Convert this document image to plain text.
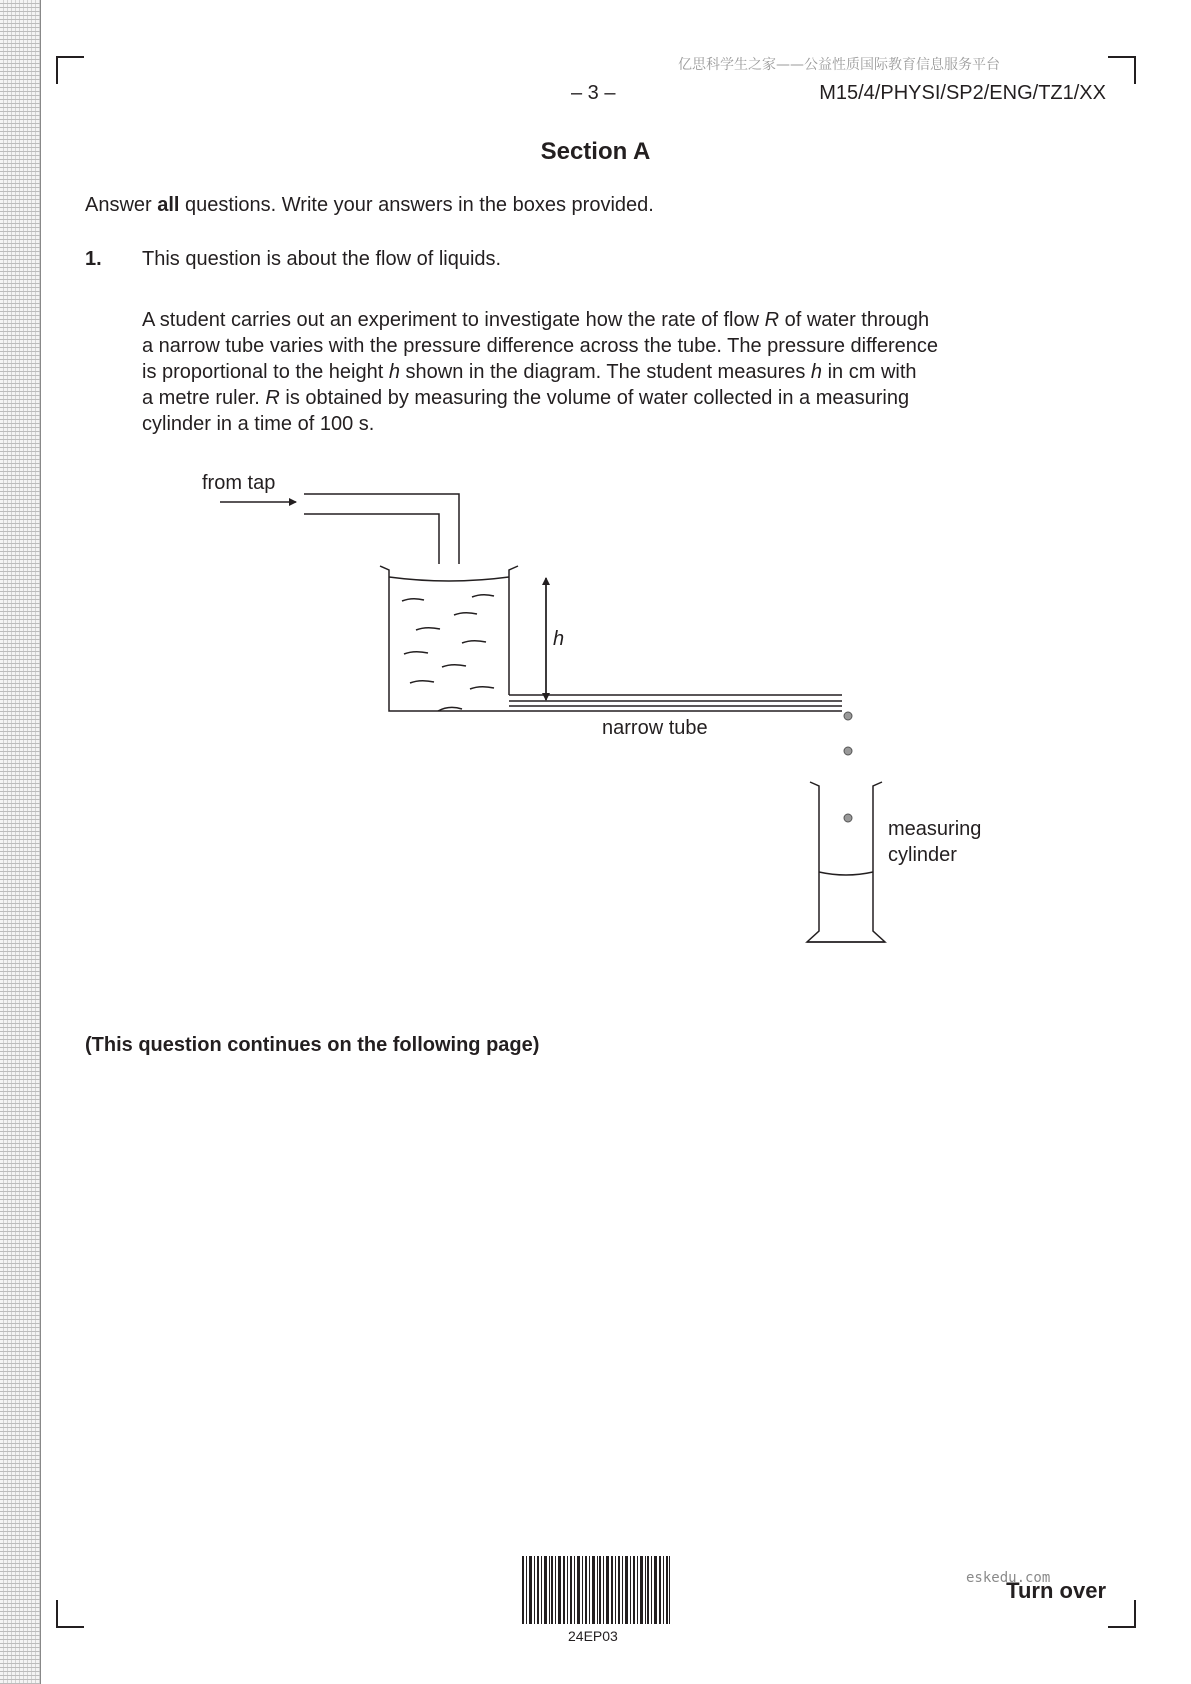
亿思科学生之家——公益性质国际教育信息服务平台
– 3 –	M15/4/PHYSI/SP2/ENG/TZ1/XX
Section A
Answer all questions. Write your answers in the boxes provided.
1. This question is about the flow of liquids.
A student carries out an experiment to investigate how the rate of flow R of water through
a narrow tube varies with the pressure difference across the tube. The pressure difference
is proportional to the height h shown in the diagram. The student measures h in cm with
a metre ruler. R is obtained by measuring the volume of water collected in a measuring
cylinder in a time of 100 s.
from tap
h
narrow tube
measuring
cylinder
(This question continues on the following page)
24EP03
eskedu.com
Turn over
